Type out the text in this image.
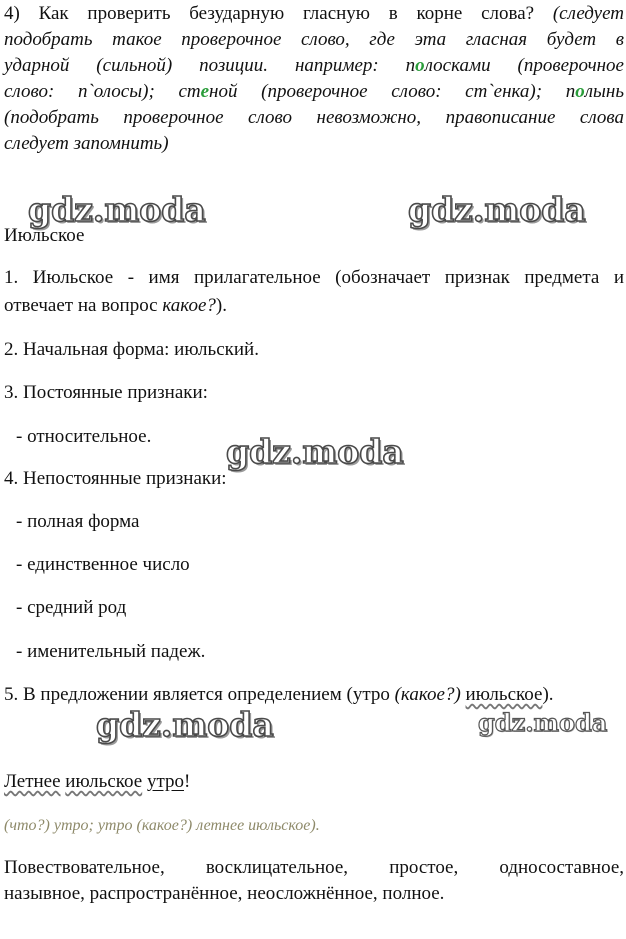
4) Как проверить безударную гласную в корне слова? (следует
подобрать такое проверочное слово, где эта гласная будет в
ударной (сильной) позиции. например: полосками (проверочное
слово: п`олосы); стеной (проверочное слово: ст`енка); полынь
(подобрать проверочное слово невозможно, правописание слова
следует запомнить)
gdz.moda	gdz.moda
Июльское
1. Июльское - имя прилагательное (обозначает признак предмета и
отвечает на вопрос какое?).
2. Начальная форма: июльский.
3. Постоянные признаки:
- относительное. gdz.moda
4. Непостоянные признаки:
- полная форма
- единственное число
- средний род
- именительный падеж.
5. В предложении является определением (утро (какое?) июльское).
gdz.moda	gdz.moda
Летнее июльское утро!
(что?) утро; утро (какое?) летнее июльское).
Повествовательное, восклицательное, простое, односоставное,
назывное, распространённое, неосложнённое, полное.
